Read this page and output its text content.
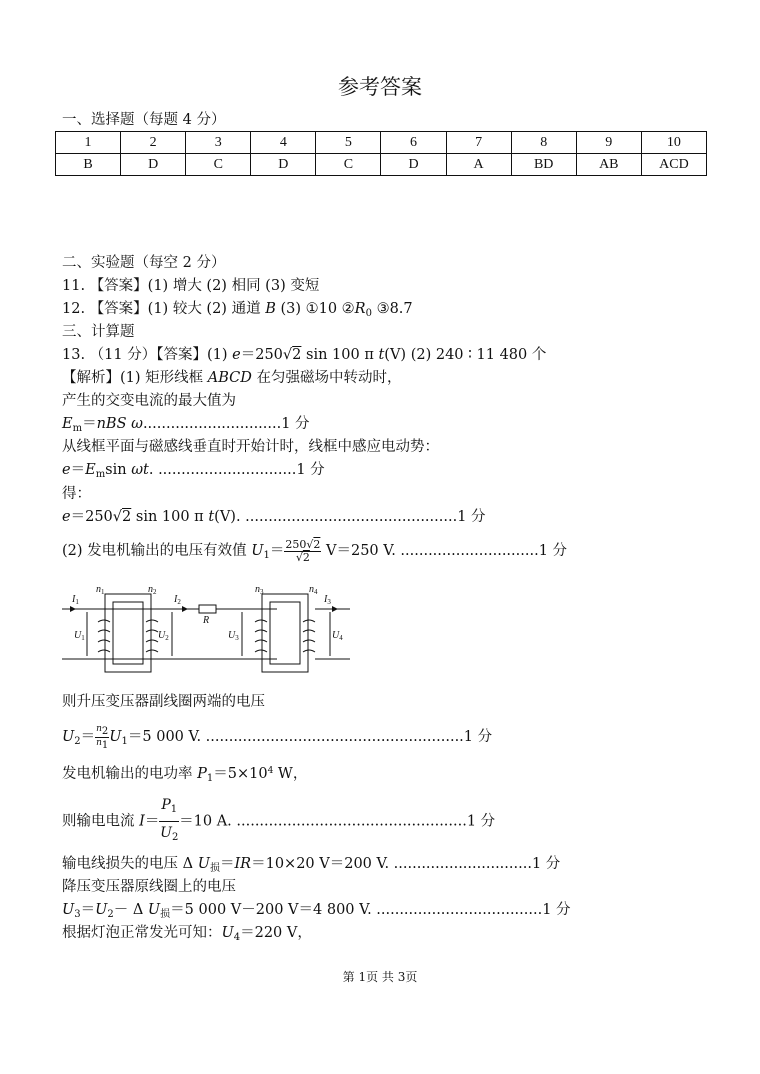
参考答案
一、选择题（每题 4 分）
1	2	3	4	5	6	7	8	9	10
B	D	C	D	C	D	A	BD	AB	ACD
二、实验题（每空 2 分）
11. 【答案】(1) 增大 (2) 相同 (3) 变短
12. 【答案】(1) 较大 (2) 通道 B (3) ①10 $②R_0$ ③8.7
三、计算题
13. （11 分）【答案】(1) e＝250√2 sin 100 π t(V) (2) 240 ∶ 11 480 个
【解析】(1) 矩形线框 ABCD 在匀强磁场中转动时，
产生的交变电流的最大值为
$E_m=nBS$ ω..............................1 分
从线框平面与磁感线垂直时开始计时，线框中感应电动势：
$e=E_m\sin$ ωt. ..............................1 分
得：
e＝250√2 sin 100 π t(V). ..............................................1 分
(2) 发电机输出的电压有效值 $U_1= \frac{250√2}{√2} V=250$ V. ..............................1 分
$I_1$	$I_2$	$I_3$
$n_1$	$n_2$	$n_3$	$n_4$
R
$U_1$	$U_2$	$U_3$	$U_4$
则升压变压器副线圈两端的电压
$U_2= \frac{n_2}{n_1} U_1=5$ 000 V. ........................................................1 分
发电机输出的电功率 $P_1=5\times 10^4$ W，
则输电电流 $I= \frac{P_1}{U_2} =10$ A. ..................................................1 分
输电线损失的电压 Δ $U_损=IR=10\times 20$ V＝200 V. ..............................1 分
降压变压器原线圈上的电压
$U_3=U_2- \Delta$ $U_损=5$ 000 V－200 V＝4 800 V. ....................................1 分
根据灯泡正常发光可知：$U_4=220$ V，
第 1页 共 3页
